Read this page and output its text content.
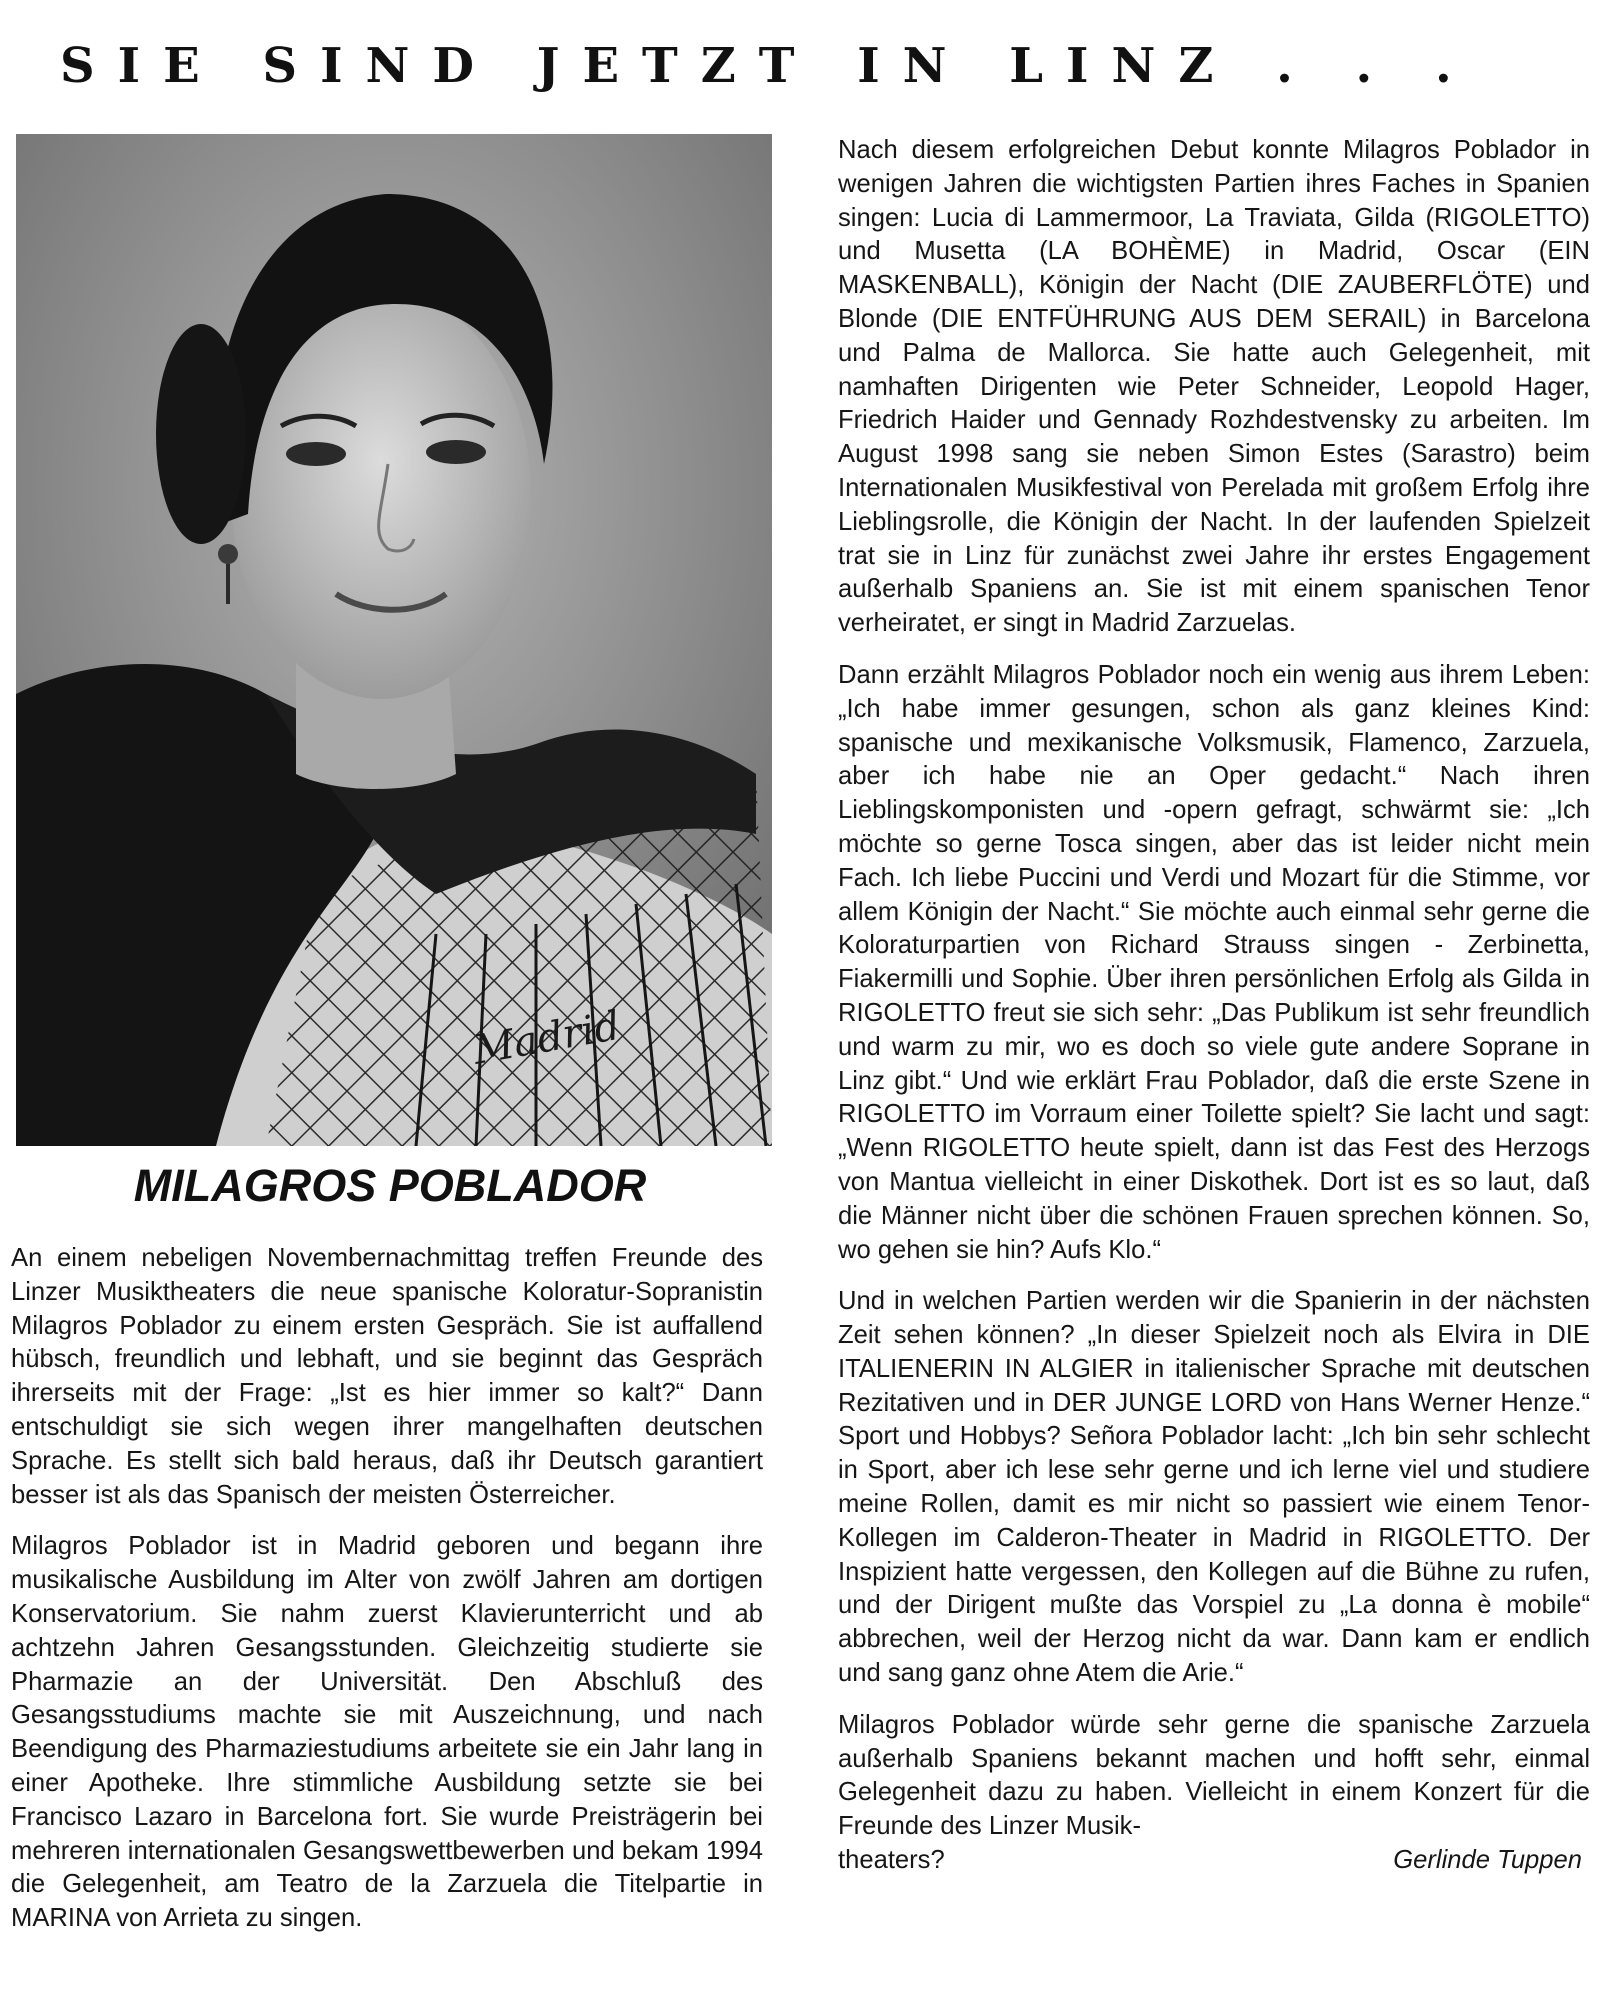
SIE SIND JETZT IN LINZ . . .
Madrid
MILAGROS POBLADOR

An einem nebeligen Novembernachmittag treffen Freunde des Linzer Musiktheaters die neue spanische Koloratur-Sopranistin Milagros Poblador zu einem ersten Gespräch. Sie ist auffallend hübsch, freundlich und lebhaft, und sie beginnt das Gespräch ihrerseits mit der Frage: „Ist es hier immer so kalt?“ Dann entschuldigt sie sich wegen ihrer mangelhaften deutschen Sprache. Es stellt sich bald heraus, daß ihr Deutsch garantiert besser ist als das Spanisch der meisten Österreicher.

Milagros Poblador ist in Madrid geboren und begann ihre musikalische Ausbildung im Alter von zwölf Jahren am dortigen Konservatorium. Sie nahm zuerst Klavierunterricht und ab achtzehn Jahren Gesangsstunden. Gleichzeitig studierte sie Pharmazie an der Universität. Den Abschluß des Gesangsstudiums machte sie mit Auszeichnung, und nach Beendigung des Pharmaziestudiums arbeitete sie ein Jahr lang in einer Apotheke. Ihre stimmliche Ausbildung setzte sie bei Francisco Lazaro in Barcelona fort. Sie wurde Preisträgerin bei mehreren internationalen Gesangswettbewerben und bekam 1994 die Gelegenheit, am Teatro de la Zarzuela die Titelpartie in MARINA von Arrieta zu singen.

Nach diesem erfolgreichen Debut konnte Milagros Poblador in wenigen Jahren die wichtigsten Partien ihres Faches in Spanien singen: Lucia di Lammermoor, La Traviata, Gilda (RIGOLETTO) und Musetta (LA BOHÈME) in Madrid, Oscar (EIN MASKENBALL), Königin der Nacht (DIE ZAUBERFLÖTE) und Blonde (DIE ENTFÜHRUNG AUS DEM SERAIL) in Barcelona und Palma de Mallorca. Sie hatte auch Gelegenheit, mit namhaften Dirigenten wie Peter Schneider, Leopold Hager, Friedrich Haider und Gennady Rozhdestvensky zu arbeiten. Im August 1998 sang sie neben Simon Estes (Sarastro) beim Internationalen Musikfestival von Perelada mit großem Erfolg ihre Lieblingsrolle, die Königin der Nacht. In der laufenden Spielzeit trat sie in Linz für zunächst zwei Jahre ihr erstes Engagement außerhalb Spaniens an. Sie ist mit einem spanischen Tenor verheiratet, er singt in Madrid Zarzuelas.

Dann erzählt Milagros Poblador noch ein wenig aus ihrem Leben: „Ich habe immer gesungen, schon als ganz kleines Kind: spanische und mexikanische Volksmusik, Flamenco, Zarzuela, aber ich habe nie an Oper gedacht.“ Nach ihren Lieblingskomponisten und -opern gefragt, schwärmt sie: „Ich möchte so gerne Tosca singen, aber das ist leider nicht mein Fach. Ich liebe Puccini und Verdi und Mozart für die Stimme, vor allem Königin der Nacht.“ Sie möchte auch einmal sehr gerne die Koloraturpartien von Richard Strauss singen - Zerbinetta, Fiakermilli und Sophie. Über ihren persönlichen Erfolg als Gilda in RIGOLETTO freut sie sich sehr: „Das Publikum ist sehr freundlich und warm zu mir, wo es doch so viele gute andere Soprane in Linz gibt.“ Und wie erklärt Frau Poblador, daß die erste Szene in RIGOLETTO im Vorraum einer Toilette spielt? Sie lacht und sagt: „Wenn RIGOLETTO heute spielt, dann ist das Fest des Herzogs von Mantua vielleicht in einer Diskothek. Dort ist es so laut, daß die Männer nicht über die schönen Frauen sprechen können. So, wo gehen sie hin? Aufs Klo.“

Und in welchen Partien werden wir die Spanierin in der nächsten Zeit sehen können? „In dieser Spielzeit noch als Elvira in DIE ITALIENERIN IN ALGIER in italienischer Sprache mit deutschen Rezitativen und in DER JUNGE LORD von Hans Werner Henze.“ Sport und Hobbys? Señora Poblador lacht: „Ich bin sehr schlecht in Sport, aber ich lese sehr gerne und ich lerne viel und studiere meine Rollen, damit es mir nicht so passiert wie einem Tenor-Kollegen im Calderon-Theater in Madrid in RIGOLETTO. Der Inspizient hatte vergessen, den Kollegen auf die Bühne zu rufen, und der Dirigent mußte das Vorspiel zu „La donna è mobile“ abbrechen, weil der Herzog nicht da war. Dann kam er endlich und sang ganz ohne Atem die Arie.“

Milagros Poblador würde sehr gerne die spanische Zarzuela außerhalb Spaniens bekannt machen und hofft sehr, einmal Gelegenheit dazu zu haben. Vielleicht in einem Konzert für die Freunde des Linzer Musik-

theaters?	Gerlinde Tuppen
